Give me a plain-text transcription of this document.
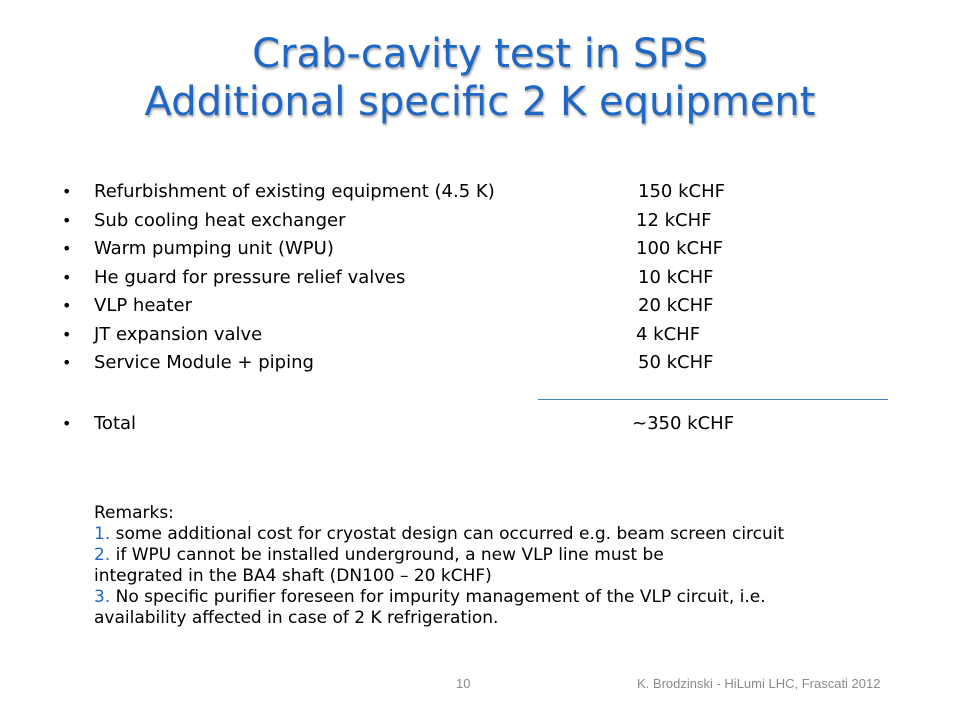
Crab-cavity test in SPS
Additional specific 2 K equipment
• Refurbishment of existing equipment (4.5 K)	150 kCHF
• Sub cooling heat exchanger	12 kCHF
• Warm pumping unit (WPU)	100 kCHF
• He guard for pressure relief valves	10 kCHF
• VLP heater	20 kCHF
• JT expansion valve	4 kCHF
• Service Module + piping	50 kCHF
• Total	~350 kCHF
Remarks:
1. some additional cost for cryostat design can occurred e.g. beam screen circuit
2. if WPU cannot be installed underground, a new VLP line must be
integrated in the BA4 shaft (DN100 – 20 kCHF)
3. No specific purifier foreseen for impurity management of the VLP circuit, i.e.
availability affected in case of 2 K refrigeration.
10	K. Brodzinski - HiLumi LHC, Frascati 2012
